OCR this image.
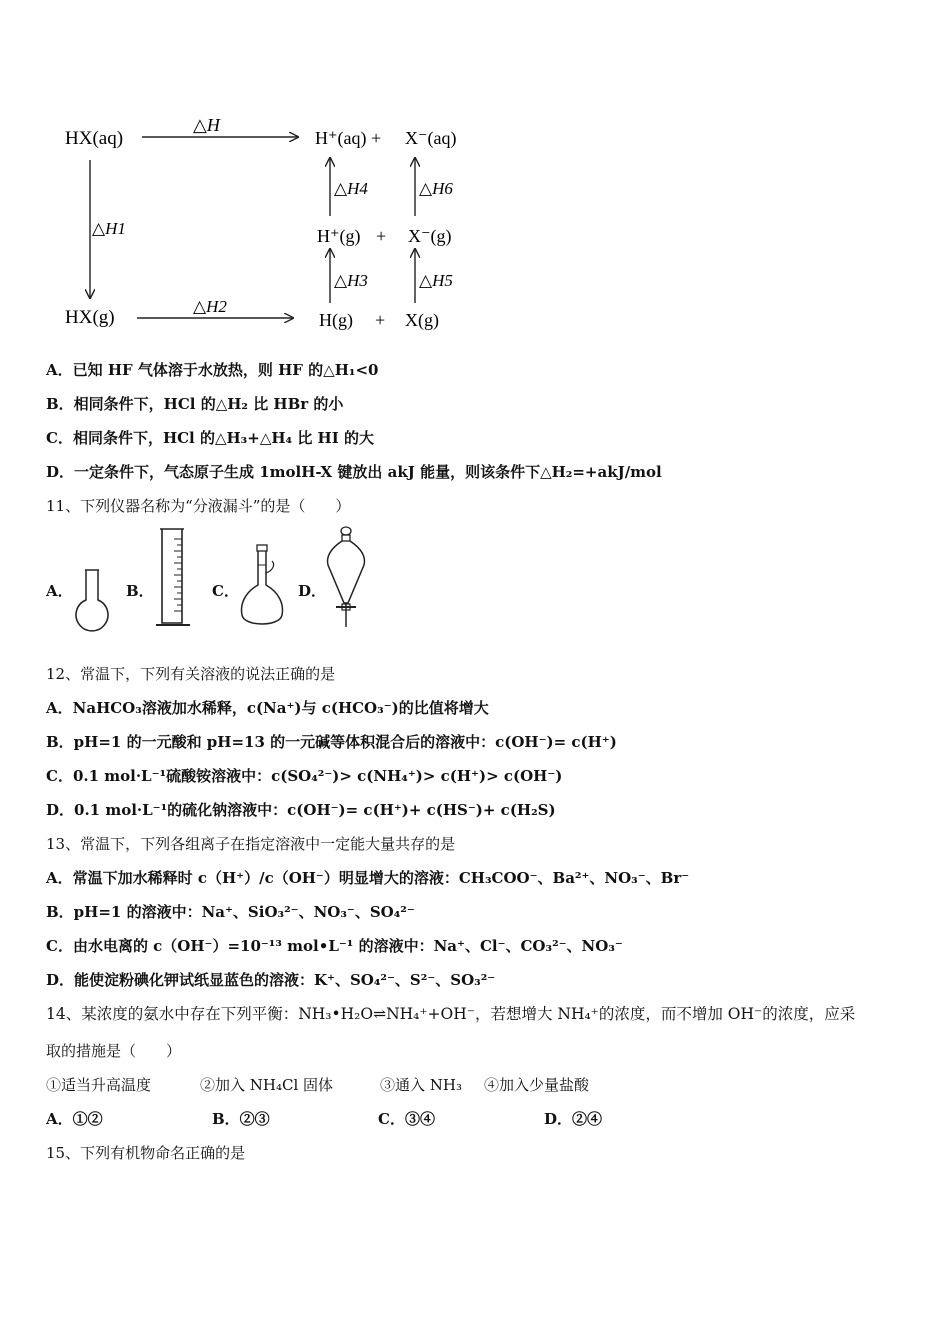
HX(aq)
HX(g)
H⁺(aq) + X⁻(aq)
H⁺(g) + X⁻(g)
H(g) + X(g)
△H
△H1
△H2
△H4	△H6
△H3	△H5
A．已知 HF 气体溶于水放热，则 HF 的△H₁<0
B．相同条件下，HCl 的△H₂ 比 HBr 的小
C．相同条件下，HCl 的△H₃+△H₄ 比 HI 的大
D．一定条件下，气态原子生成 1molH-X 键放出 akJ 能量，则该条件下△H₂=+akJ/mol
11、下列仪器名称为“分液漏斗”的是（　　）
A．	B．	C．	D．
12、常温下，下列有关溶液的说法正确的是
A．NaHCO₃溶液加水稀释，c(Na⁺)与 c(HCO₃⁻)的比值将增大
B．pH=1 的一元酸和 pH=13 的一元碱等体积混合后的溶液中：c(OH⁻)= c(H⁺)
C．0.1 mol·L⁻¹硫酸铵溶液中：c(SO₄²⁻)> c(NH₄⁺)> c(H⁺)> c(OH⁻)
D．0.1 mol·L⁻¹的硫化钠溶液中：c(OH⁻)= c(H⁺)+ c(HS⁻)+ c(H₂S)
13、常温下，下列各组离子在指定溶液中一定能大量共存的是
A．常温下加水稀释时 c（H⁺）/c（OH⁻）明显增大的溶液：CH₃COO⁻、Ba²⁺、NO₃⁻、Br⁻
B．pH=1 的溶液中：Na⁺、SiO₃²⁻、NO₃⁻、SO₄²⁻
C．由水电离的 c（OH⁻）=10⁻¹³ mol•L⁻¹ 的溶液中：Na⁺、Cl⁻、CO₃²⁻、NO₃⁻
D．能使淀粉碘化钾试纸显蓝色的溶液：K⁺、SO₄²⁻、S²⁻、SO₃²⁻
14、某浓度的氨水中存在下列平衡：NH₃•H₂O⇌NH₄⁺+OH⁻，若想增大 NH₄⁺的浓度，而不增加 OH⁻的浓度，应采
取的措施是（　　）
①适当升高温度	②加入 NH₄Cl 固体	③通入 NH₃ ④加入少量盐酸
A．①②	B．②③	C．③④	D．②④
15、下列有机物命名正确的是
